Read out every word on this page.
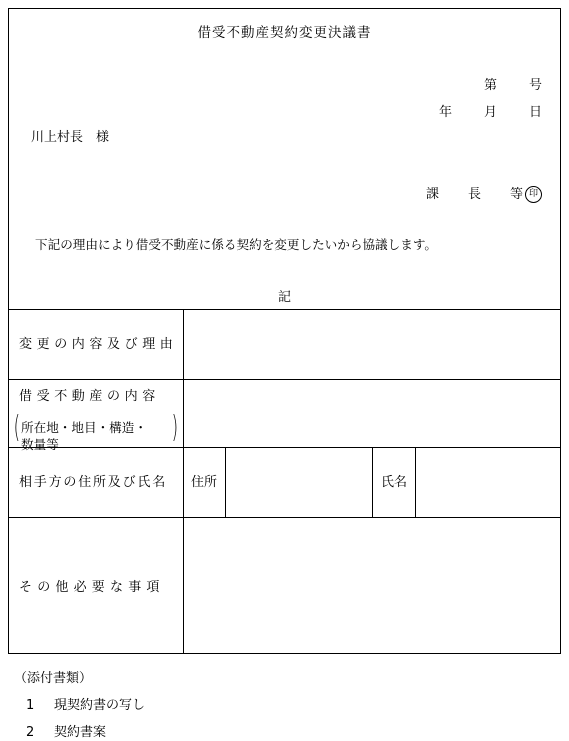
借受不動産契約変更決議書
第 号
年 月 日
川上村長　様
課 長 等 印
下記の理由により借受不動産に係る契約を変更したいから協議します。
記
変更の内容及び理由
借受不動産の内容
( 所在地・地目・構造・
数量等	)
相手方の住所及び氏名 住所	氏名
その他必要な事項
（添付書類）
1 現契約書の写し
2 契約書案
